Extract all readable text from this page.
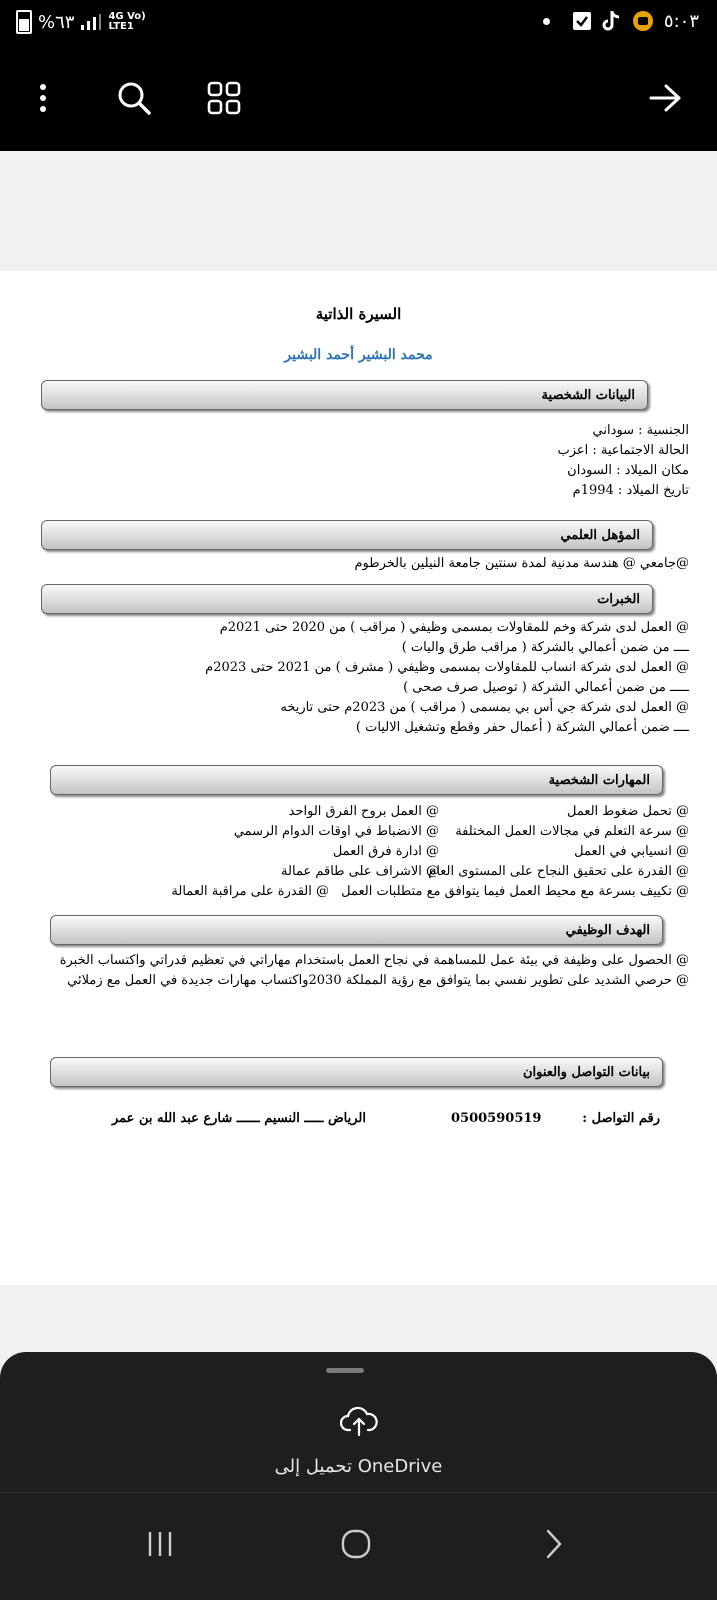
%٦٣	4G Vo)
LTE1	٥:٠٣
السيرة الذاتية
محمد البشير أحمد البشير
البيانات الشخصية
الجنسية : سوداني
الحالة الاجتماعية : اعزب
مكان الميلاد : السودان
تاريخ الميلاد : 1994م
المؤهل العلمي
@جامعي @ هندسة مدنية لمدة سنتين جامعة النيلين بالخرطوم
الخبرات
@ العمل لدى شركة وخم للمقاولات بمسمى وظيفي ( مراقب ) من 2020 حتى 2021م
ــــ من ضمن أعمالي بالشركة ( مراقب طرق واليات )
@ العمل لدى شركة انساب للمقاولات بمسمى وظيفي ( مشرف ) من 2021 حتى 2023م
ـــــ من ضمن أعمالي الشركة ( توصيل صرف صحى )
@ العمل لدى شركة جي أس بي بمسمى ( مراقب ) من 2023م حتى تاريخه
ــــ ضمن أعمالي الشركة ( أعمال حفر وقطع وتشغيل الاليات )
المهارات الشخصية
@ تحمل ضغوط العمل
@ العمل بروح الفرق الواحد
@ سرعة التعلم في مجالات العمل المختلفة
@ الانضباط في اوقات الدوام الرسمي
@ انسيابي في العمل
@ ادارة فرق العمل
@ القدرة على تحقيق النجاح على المستوى العام
@ الاشراف على طاقم عمالة
@ تكييف بسرعة مع محيط العمل فيما يتوافق مع متطلبات العمل
@ القدرة على مراقبة العمالة
الهدف الوظيفي
@ الحصول على وظيفة في بيئة عمل للمساهمة في نجاح العمل باستخدام مهاراتي في تعظيم قدراتي واكتساب الخبرة
@ حرصي الشديد على تطوير نفسي بما يتوافق مع رؤية المملكة 2030واكتساب مهارات جديدة في العمل مع زملائي
بيانات التواصل والعنوان
رقم التواصل :
0500590519
الرياض ـــــ النسيم ــــــ شارع عبد الله بن عمر
تحميل إلى OneDrive
